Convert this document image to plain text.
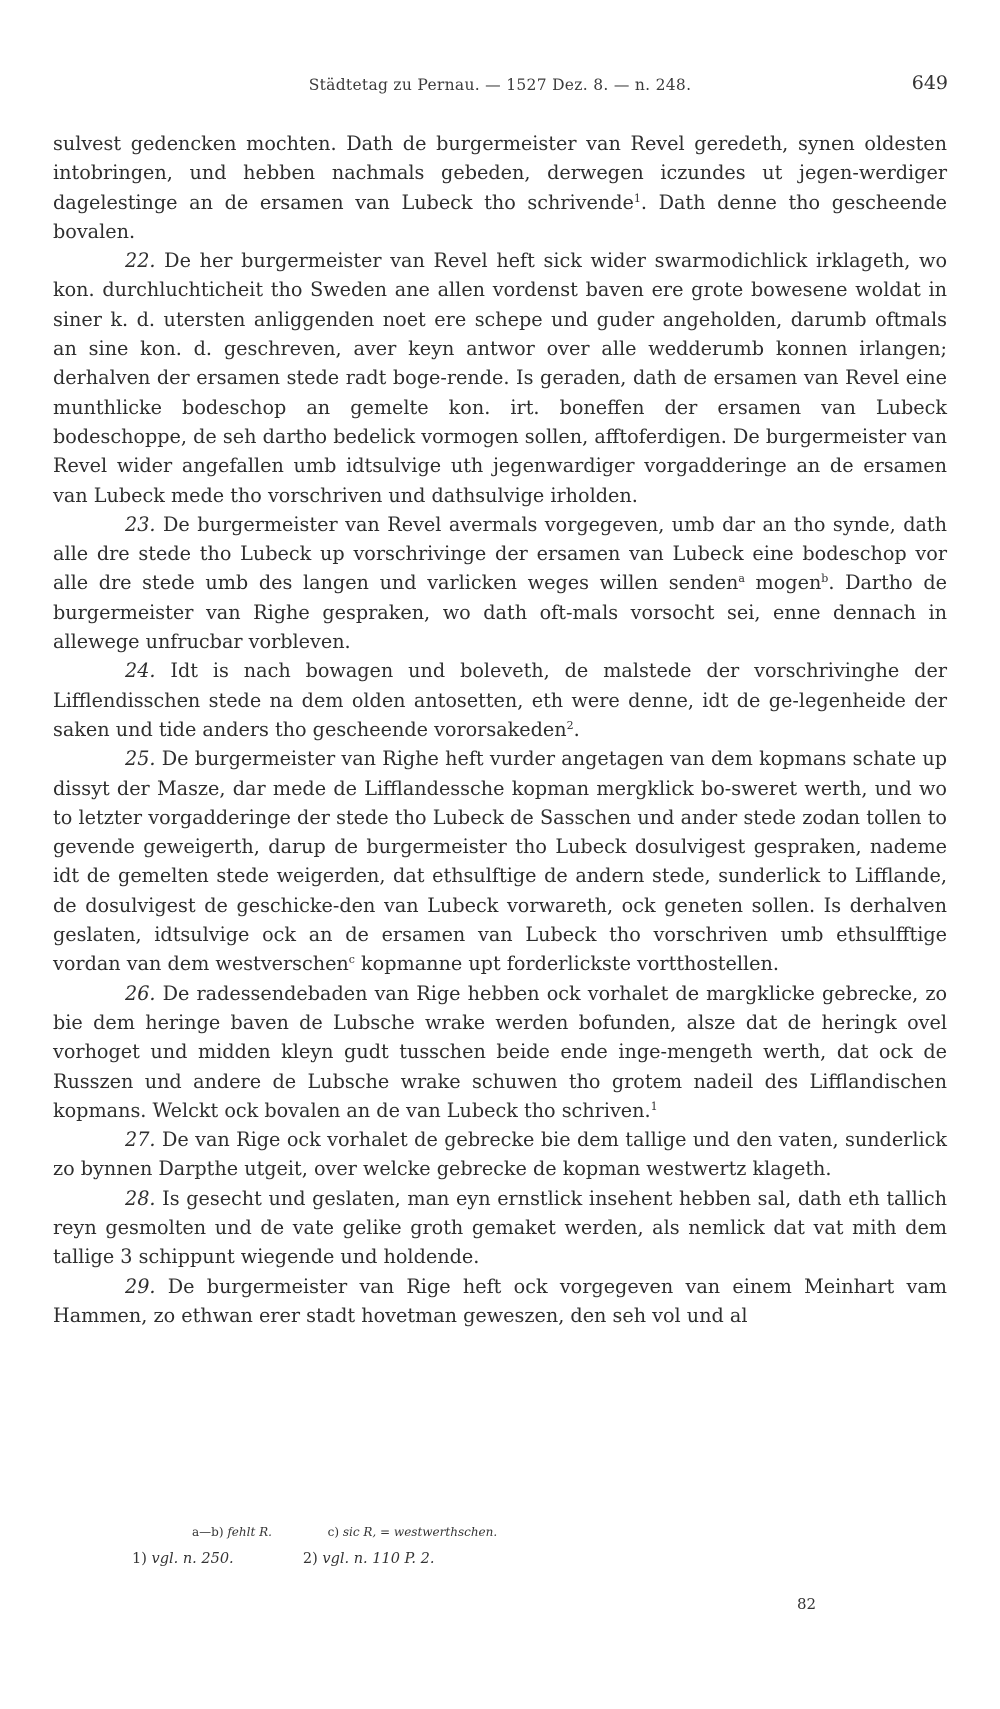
Städtetag zu Pernau. — 1527 Dez. 8. — n. 248.	649

sulvest gedencken mochten. Dath de burgermeister van Revel geredeth, synen oldesten intobringen, und hebben nachmals gebeden, derwegen iczundes ut jegen-werdiger dagelestinge an de ersamen van Lubeck tho schrivende$^1$. Dath denne tho gescheende bovalen.

22. De her burgermeister van Revel heft sick wider swarmodichlick irklageth, wo kon. durchluchticheit tho Sweden ane allen vordenst baven ere grote bowesene woldat in siner k. d. utersten anliggenden noet ere schepe und guder angeholden, darumb oftmals an sine kon. d. geschreven, aver keyn antwor over alle wedderumb konnen irlangen; derhalven der ersamen stede radt boge-rende. Is geraden, dath de ersamen van Revel eine munthlicke bodeschop an gemelte kon. irt. boneffen der ersamen van Lubeck bodeschoppe, de seh dartho bedelick vormogen sollen, afftoferdigen. De burgermeister van Revel wider angefallen umb idtsulvige uth jegenwardiger vorgadderinge an de ersamen van Lubeck mede tho vorschriven und dathsulvige irholden.

23. De burgermeister van Revel avermals vorgegeven, umb dar an tho synde, dath alle dre stede tho Lubeck up vorschrivinge der ersamen van Lubeck eine bodeschop vor alle dre stede umb des langen und varlicken weges willen senden$^a$ mogen$^b$. Dartho de burgermeister van Righe gespraken, wo dath oft-mals vorsocht sei, enne dennach in allewege unfrucbar vorbleven.

24. Idt is nach bowagen und boleveth, de malstede der vorschrivinghe der Lifflendisschen stede na dem olden antosetten, eth were denne, idt de ge-legenheide der saken und tide anders tho gescheende vororsakeden$^2$.

25. De burgermeister van Righe heft vurder angetagen van dem kopmans schate up dissyt der Masze, dar mede de Lifflandessche kopman mergklick bo-sweret werth, und wo to letzter vorgadderinge der stede tho Lubeck de Sasschen und ander stede zodan tollen to gevende geweigerth, darup de burgermeister tho Lubeck dosulvigest gespraken, nademe idt de gemelten stede weigerden, dat ethsulftige de andern stede, sunderlick to Lifflande, de dosulvigest de geschicke-den van Lubeck vorwareth, ock geneten sollen. Is derhalven geslaten, idtsulvige ock an de ersamen van Lubeck tho vorschriven umb ethsulfftige vordan van dem westverschen$^c$ kopmanne upt forderlickste vortthostellen.

26. De radessendebaden van Rige hebben ock vorhalet de margklicke gebrecke, zo bie dem heringe baven de Lubsche wrake werden bofunden, alsze dat de heringk ovel vorhoget und midden kleyn gudt tusschen beide ende inge-mengeth werth, dat ock de Russzen und andere de Lubsche wrake schuwen tho grotem nadeil des Lifflandischen kopmans. Welckt ock bovalen an de van Lubeck tho schriven.$^1$

27. De van Rige ock vorhalet de gebrecke bie dem tallige und den vaten, sunderlick zo bynnen Darpthe utgeit, over welcke gebrecke de kopman westwertz klageth.

28. Is gesecht und geslaten, man eyn ernstlick insehent hebben sal, dath eth tallich reyn gesmolten und de vate gelike groth gemaket werden, als nemlick dat vat mith dem tallige 3 schippunt wiegende und holdende.

29. De burgermeister van Rige heft ock vorgegeven van einem Meinhart vam Hammen, zo ethwan erer stadt hovetman geweszen, den seh vol und al

a—b) fehlt R.	c) sic R, = westwerthschen.
1) vgl. n. 250.	2) vgl. n. 110 P. 2.
82
